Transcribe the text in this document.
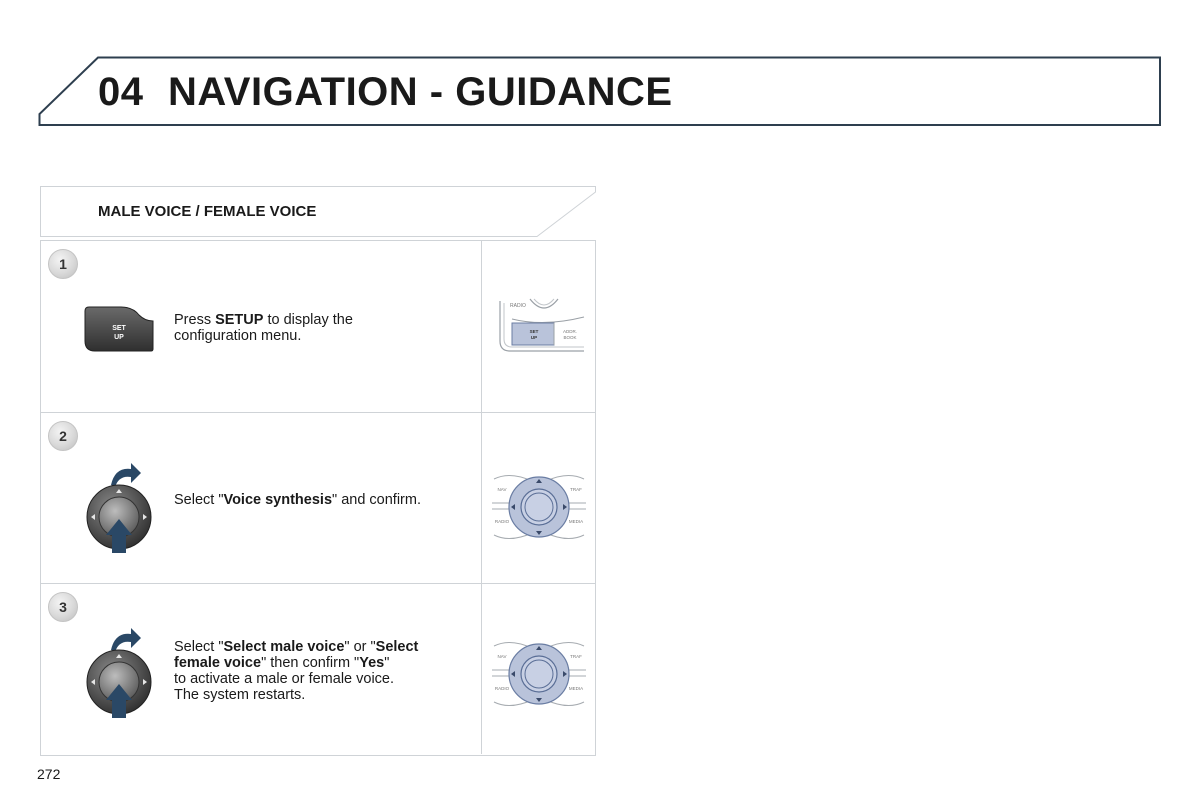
04 NAVIGATION - GUIDANCE
MALE VOICE / FEMALE VOICE
1
SET
UP
Press SETUP to display the
configuration menu.
RADIO
SET
UP
ADDR.
BOOK
2
Select "Voice synthesis" and confirm.
NAV	TRAF
RADIO	MEDIA
3
Select "Select male voice" or "Select
female voice" then confirm "Yes"
to activate a male or female voice.
The system restarts.
NAV	TRAF
RADIO	MEDIA
272
